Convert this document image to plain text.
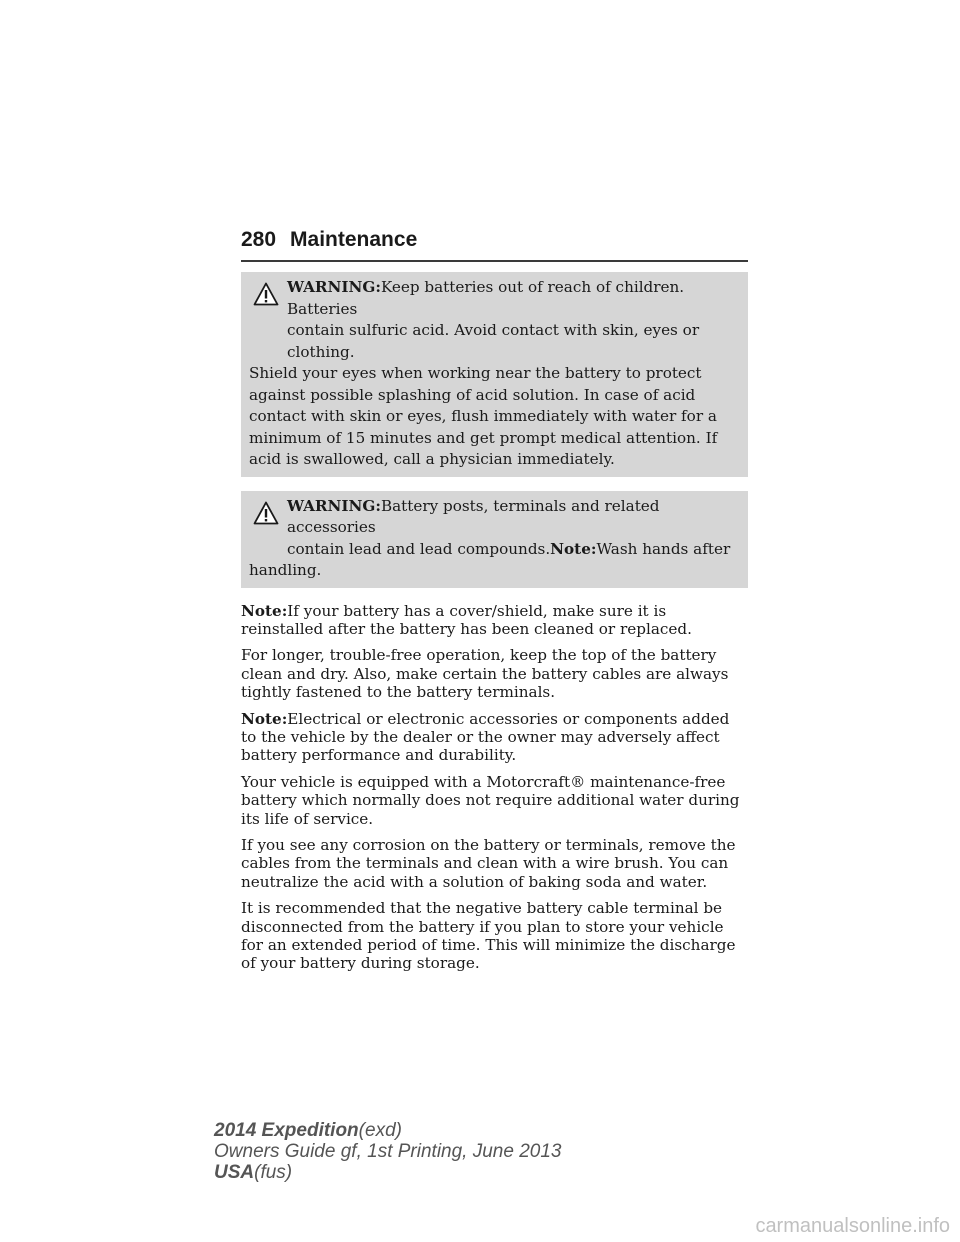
280 Maintenance
WARNING:Keep batteries out of reach of children. Batteries
contain sulfuric acid. Avoid contact with skin, eyes or clothing.
Shield your eyes when working near the battery to protect against possible splashing of acid solution. In case of acid contact with skin or eyes, flush immediately with water for a minimum of 15 minutes and get prompt medical attention. If acid is swallowed, call a physician immediately.
WARNING:Battery posts, terminals and related accessories
contain lead and lead compounds.Note:Wash hands after
handling.

Note:If your battery has a cover/shield, make sure it is reinstalled after the battery has been cleaned or replaced.

For longer, trouble-free operation, keep the top of the battery clean and dry. Also, make certain the battery cables are always tightly fastened to the battery terminals.

Note:Electrical or electronic accessories or components added to the vehicle by the dealer or the owner may adversely affect battery performance and durability.

Your vehicle is equipped with a Motorcraft® maintenance-free battery which normally does not require additional water during its life of service.

If you see any corrosion on the battery or terminals, remove the cables from the terminals and clean with a wire brush. You can neutralize the acid with a solution of baking soda and water.

It is recommended that the negative battery cable terminal be disconnected from the battery if you plan to store your vehicle for an extended period of time. This will minimize the discharge of your battery during storage.

2014 Expedition(exd)
Owners Guide gf, 1st Printing, June 2013
USA(fus)
carmanualsonline.info
